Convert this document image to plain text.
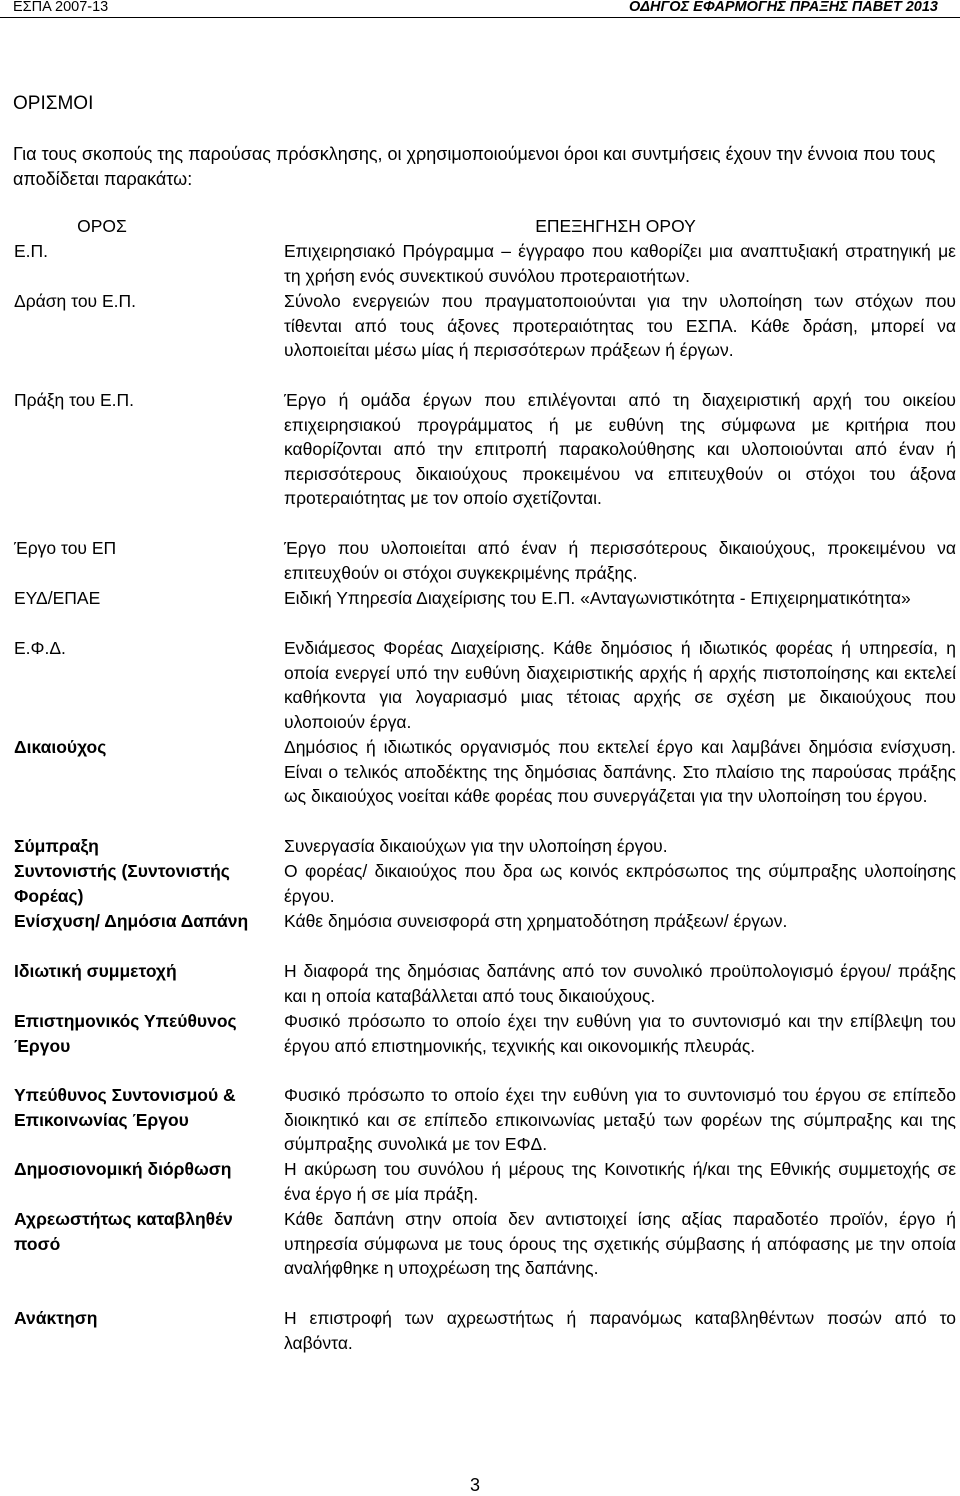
ΕΣΠΑ 2007-13	ΟΔΗΓΟΣ ΕΦΑΡΜΟΓΗΣ ΠΡΑΞΗΣ ΠΑΒΕΤ 2013
ΟΡΙΣΜΟΙ
Για τους σκοπούς της παρούσας πρόσκλησης, οι χρησιμοποιούμενοι όροι και συντμήσεις έχουν την έννοια που τους αποδίδεται παρακάτω:
ΟΡΟΣ	ΕΠΕΞΗΓΗΣΗ ΟΡΟΥ
Ε.Π.	Επιχειρησιακό Πρόγραμμα – έγγραφο που καθορίζει μια αναπτυξιακή στρατηγική με τη χρήση ενός συνεκτικού συνόλου προτεραιοτήτων.
Δράση του Ε.Π.	Σύνολο ενεργειών που πραγματοποιούνται για την υλοποίηση των στόχων που τίθενται από τους άξονες προτεραιότητας του ΕΣΠΑ. Κάθε δράση, μπορεί να υλοποιείται μέσω μίας ή περισσότερων πράξεων ή έργων.
Πράξη του Ε.Π.	Έργο ή ομάδα έργων που επιλέγονται από τη διαχειριστική αρχή του οικείου επιχειρησιακού προγράμματος ή με ευθύνη της σύμφωνα με κριτήρια που καθορίζονται από την επιτροπή παρακολούθησης και υλοποιούνται από έναν ή περισσότερους δικαιούχους προκειμένου να επιτευχθούν οι στόχοι του άξονα προτεραιότητας με τον οποίο σχετίζονται.
Έργο του ΕΠ	Έργο που υλοποιείται από έναν ή περισσότερους δικαιούχους, προκειμένου να επιτευχθούν οι στόχοι συγκεκριμένης πράξης.
ΕΥΔ/ΕΠΑΕ	Ειδική Υπηρεσία Διαχείρισης του Ε.Π. «Ανταγωνιστικότητα - Επιχειρηματικότητα»
Ε.Φ.Δ.	Ενδιάμεσος Φορέας Διαχείρισης. Κάθε δημόσιος ή ιδιωτικός φορέας ή υπηρεσία, η οποία ενεργεί υπό την ευθύνη διαχειριστικής αρχής ή αρχής πιστοποίησης και εκτελεί καθήκοντα για λογαριασμό μιας τέτοιας αρχής σε σχέση με δικαιούχους που υλοποιούν έργα.
Δικαιούχος	Δημόσιος ή ιδιωτικός οργανισμός που εκτελεί έργο και λαμβάνει δημόσια ενίσχυση. Είναι ο τελικός αποδέκτης της δημόσιας δαπάνης. Στο πλαίσιο της παρούσας πράξης ως δικαιούχος νοείται κάθε φορέας που συνεργάζεται για την υλοποίηση του έργου.
Σύμπραξη	Συνεργασία δικαιούχων για την υλοποίηση έργου.
Συντονιστής (Συντονιστής Φορέας)	Ο φορέας/ δικαιούχος που δρα ως κοινός εκπρόσωπος της σύμπραξης υλοποίησης έργου.
Ενίσχυση/ Δημόσια Δαπάνη	Κάθε δημόσια συνεισφορά στη χρηματοδότηση πράξεων/ έργων.
Ιδιωτική συμμετοχή	Η διαφορά της δημόσιας δαπάνης από τον συνολικό προϋπολογισμό έργου/ πράξης και η οποία καταβάλλεται από τους δικαιούχους.
Επιστημονικός Υπεύθυνος Έργου	Φυσικό πρόσωπο το οποίο έχει την ευθύνη για το συντονισμό και την επίβλεψη του έργου από επιστημονικής, τεχνικής και οικονομικής πλευράς.
Υπεύθυνος Συντονισμού & Επικοινωνίας Έργου	Φυσικό πρόσωπο το οποίο έχει την ευθύνη για το συντονισμό του έργου σε επίπεδο διοικητικό και σε επίπεδο επικοινωνίας μεταξύ των φορέων της σύμπραξης και της σύμπραξης συνολικά με τον ΕΦΔ.
Δημοσιονομική διόρθωση	Η ακύρωση του συνόλου ή μέρους της Κοινοτικής ή/και της Εθνικής συμμετοχής σε ένα έργο ή σε μία πράξη.
Αχρεωστήτως καταβληθέν ποσό	Κάθε δαπάνη στην οποία δεν αντιστοιχεί ίσης αξίας παραδοτέο προϊόν, έργο ή υπηρεσία σύμφωνα με τους όρους της σχετικής σύμβασης ή απόφασης με την οποία αναλήφθηκε η υποχρέωση της δαπάνης.
Ανάκτηση	Η επιστροφή των αχρεωστήτως ή παρανόμως καταβληθέντων ποσών από το λαβόντα.
3
